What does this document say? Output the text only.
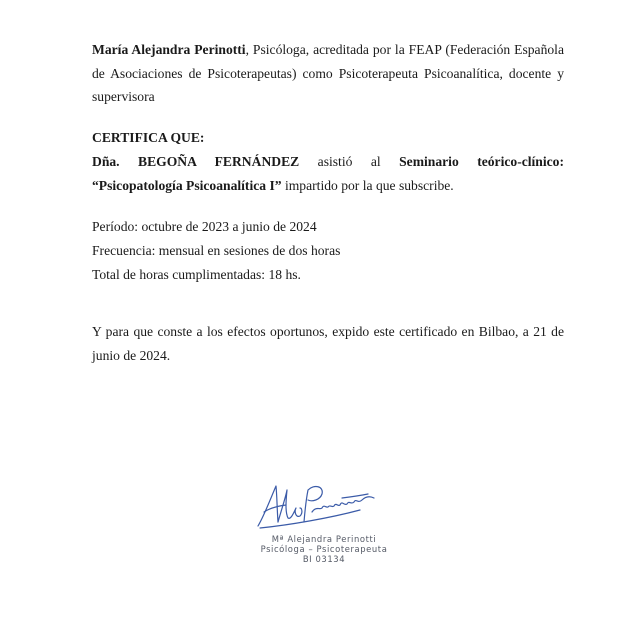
María Alejandra Perinotti, Psicóloga, acreditada por la FEAP (Federación Española de Asociaciones de Psicoterapeutas) como Psicoterapeuta Psicoanalítica, docente y supervisora

CERTIFICA QUE:

Dña. BEGOÑA FERNÁNDEZ asistió al Seminario teórico-clínico: “Psicopatología Psicoanalítica I” impartido por la que subscribe.

Período: octubre de 2023 a junio de 2024

Frecuencia: mensual en sesiones de dos horas

Total de horas cumplimentadas: 18 hs.

Y para que conste a los efectos oportunos, expido este certificado en Bilbao, a 21 de junio de 2024.

Mª Alejandra Perinotti
Psicóloga – Psicoterapeuta
BI 03134
